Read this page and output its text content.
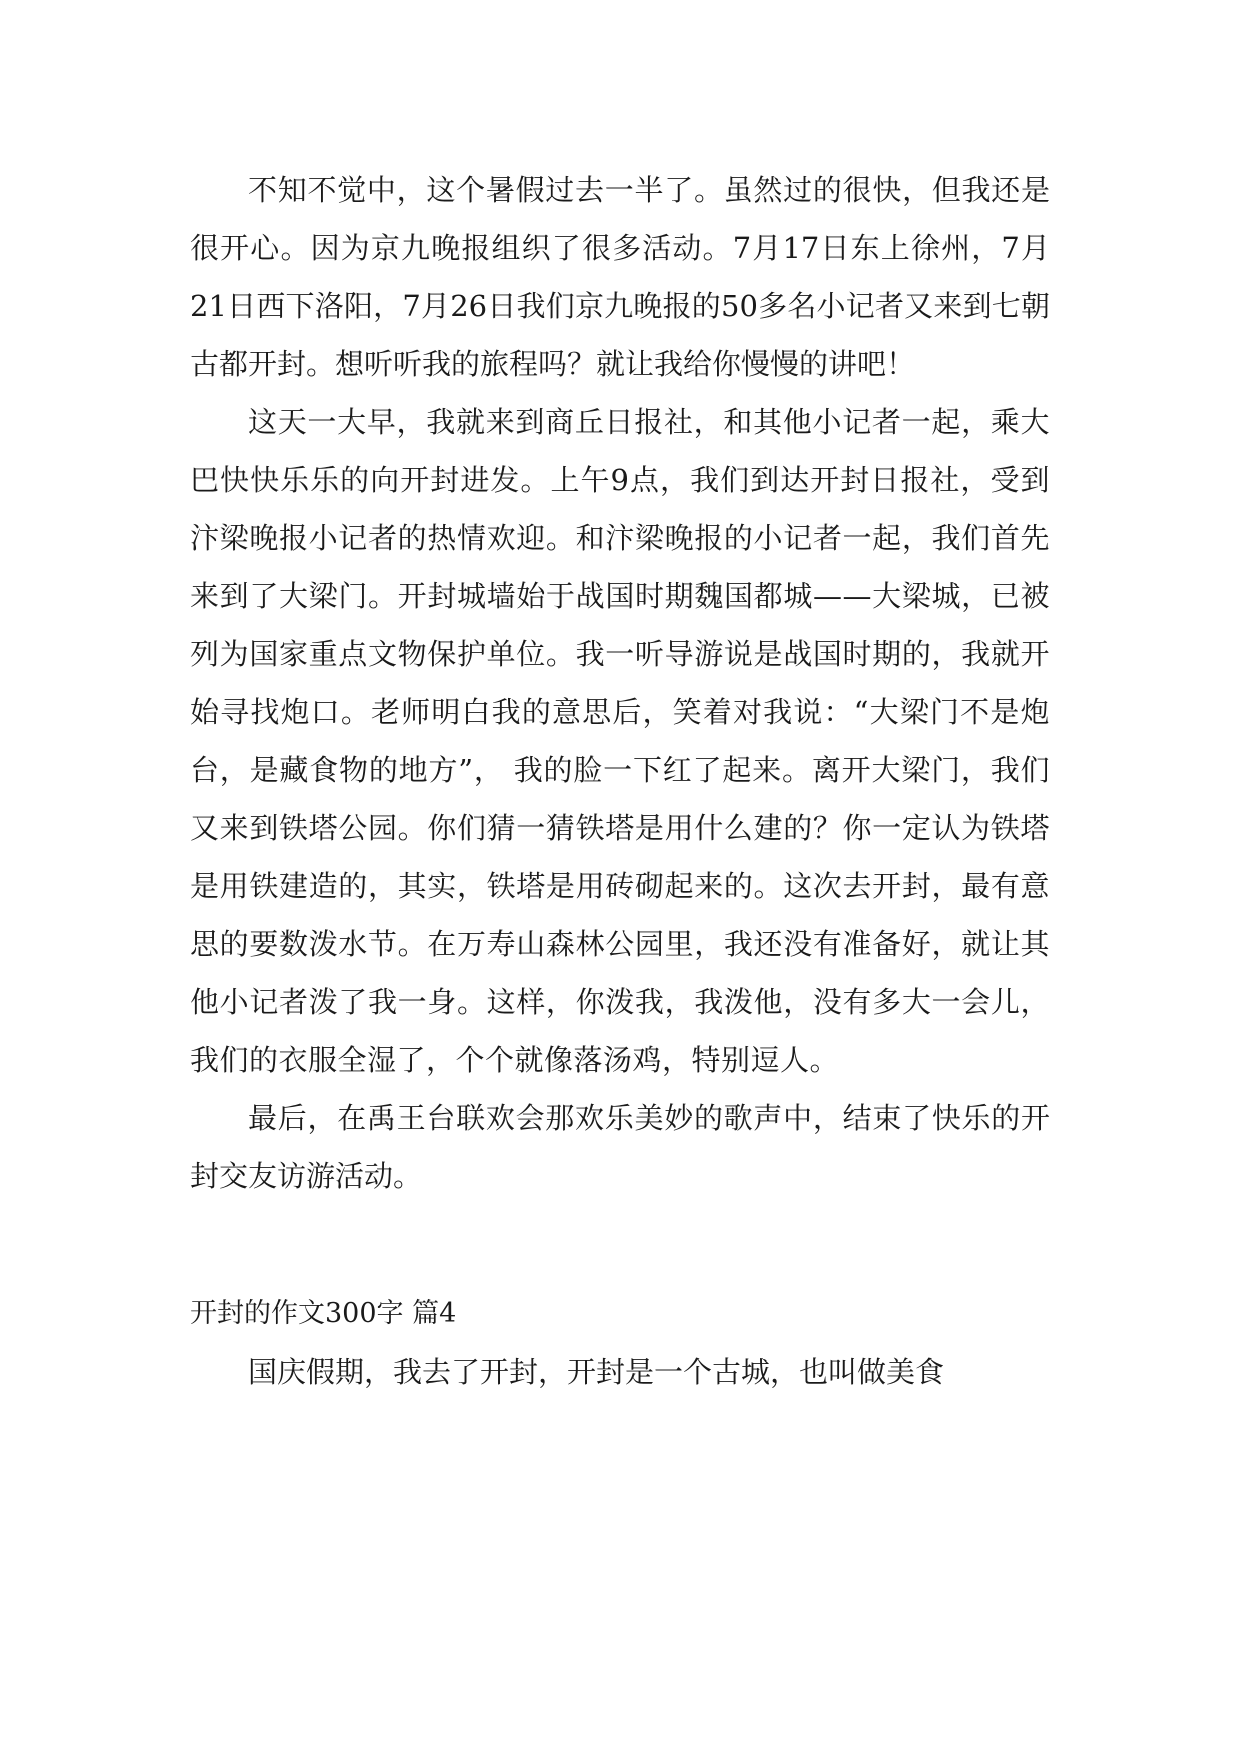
不知不觉中，这个暑假过去一半了。虽然过的很快，但我还是很开心。因为京九晚报组织了很多活动。7月17日东上徐州，7月21日西下洛阳，7月26日我们京九晚报的50多名小记者又来到七朝古都开封。想听听我的旅程吗？就让我给你慢慢的讲吧！

这天一大早，我就来到商丘日报社，和其他小记者一起，乘大巴快快乐乐的向开封进发。上午9点，我们到达开封日报社，受到汴梁晚报小记者的热情欢迎。和汴梁晚报的小记者一起，我们首先来到了大梁门。开封城墙始于战国时期魏国都城——大梁城，已被列为国家重点文物保护单位。我一听导游说是战国时期的，我就开始寻找炮口。老师明白我的意思后，笑着对我说：“大梁门不是炮台，是藏食物的地方”， 我的脸一下红了起来。离开大梁门，我们又来到铁塔公园。你们猜一猜铁塔是用什么建的？你一定认为铁塔是用铁建造的，其实，铁塔是用砖砌起来的。这次去开封，最有意思的要数泼水节。在万寿山森林公园里，我还没有准备好，就让其他小记者泼了我一身。这样，你泼我，我泼他，没有多大一会儿，我们的衣服全湿了，个个就像落汤鸡，特别逗人。

最后，在禹王台联欢会那欢乐美妙的歌声中，结束了快乐的开封交友访游活动。

开封的作文300字 篇4

国庆假期，我去了开封，开封是一个古城，也叫做美食
